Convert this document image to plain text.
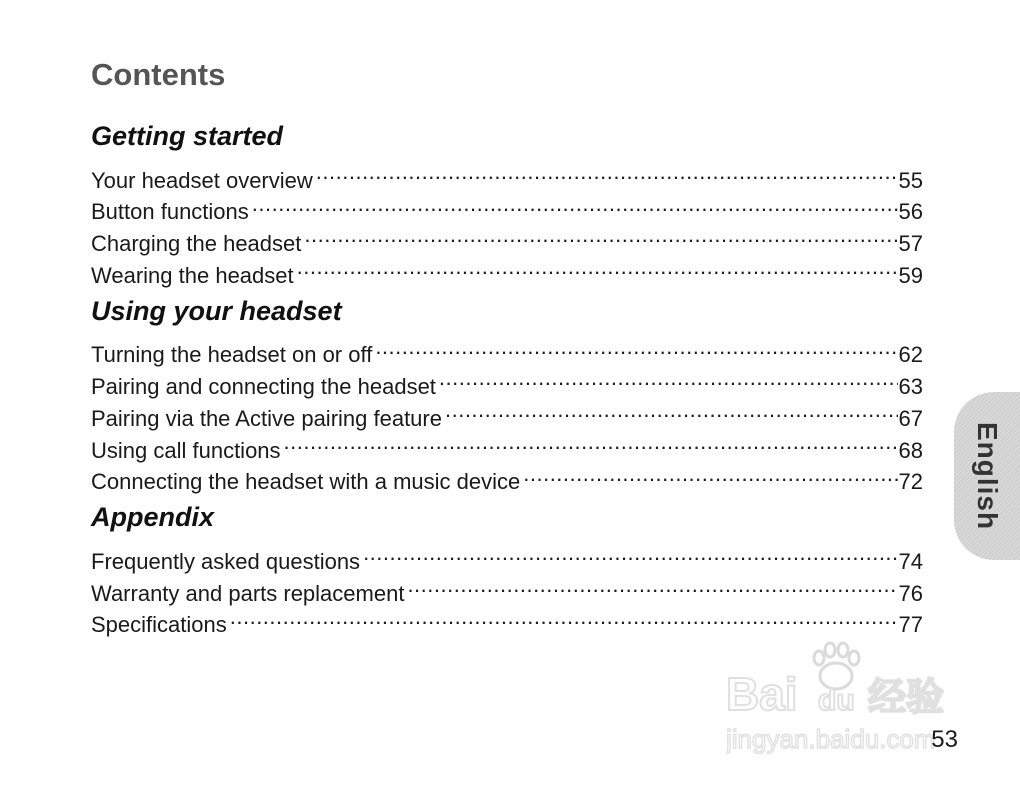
Contents
Getting started
Your headset overview .....	55
Button functions .....	56
Charging the headset .....	57
Wearing the headset .....	59
Using your headset
Turning the headset on or off .....	62
Pairing and connecting the headset .....	63
Pairing via the Active pairing feature .....	67
Using call functions .....	68
Connecting the headset with a music device .....	72
Appendix
Frequently asked questions .....	74
Warranty and parts replacement .....	76
Specifications .....	77
English
Bai du 经验
jingyan.baidu.com
53
